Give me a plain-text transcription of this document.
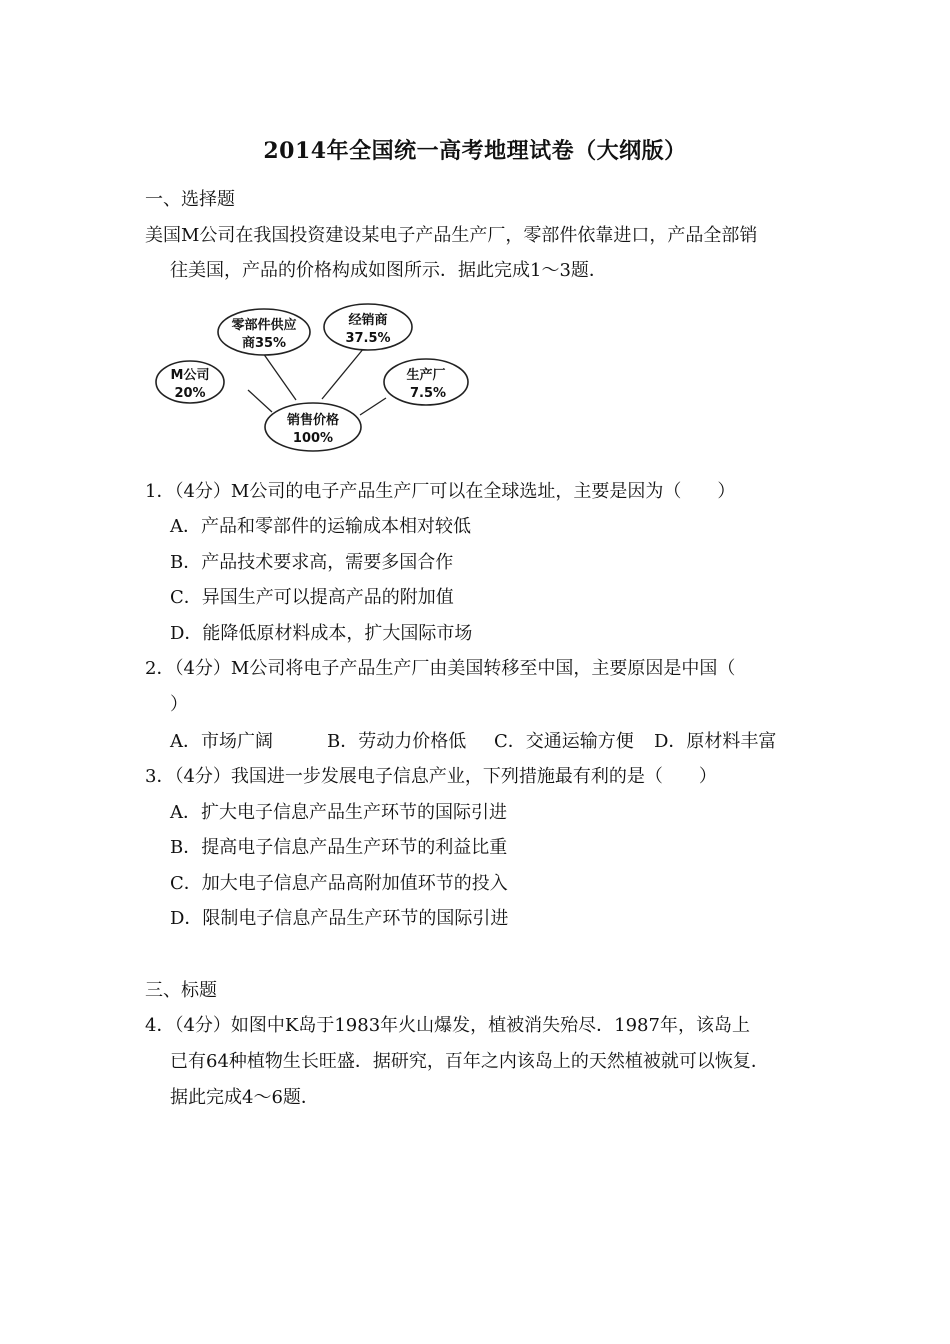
2014年全国统一高考地理试卷（大纲版）
一、选择题
美国M公司在我国投资建设某电子产品生产厂，零部件依靠进口，产品全部销
往美国，产品的价格构成如图所示．据此完成1～3题．
销售价格
100%
M公司
20%
零部件供应
商35%
经销商
37.5%
生产厂
7.5%
1．（4分）M公司的电子产品生产厂可以在全球选址，主要是因为（　　）
A．产品和零部件的运输成本相对较低
B．产品技术要求高，需要多国合作
C．异国生产可以提高产品的附加值
D．能降低原材料成本，扩大国际市场
2．（4分）M公司将电子产品生产厂由美国转移至中国，主要原因是中国（
）
A．市场广阔	B．劳动力价格低 C．交通运输方便 D．原材料丰富
3．（4分）我国进一步发展电子信息产业，下列措施最有利的是（　　）
A．扩大电子信息产品生产环节的国际引进
B．提高电子信息产品生产环节的利益比重
C．加大电子信息产品高附加值环节的投入
D．限制电子信息产品生产环节的国际引进
三、标题
4．（4分）如图中K岛于1983年火山爆发，植被消失殆尽．1987年，该岛上
已有64种植物生长旺盛．据研究，百年之内该岛上的天然植被就可以恢复．
据此完成4～6题．
